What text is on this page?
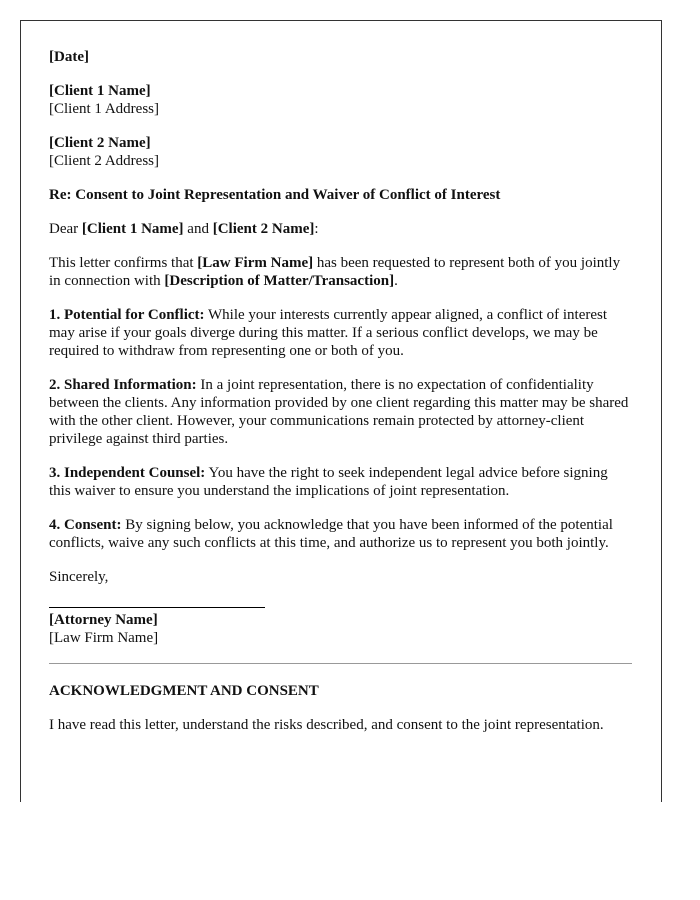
[Date]

[Client 1 Name]
[Client 1 Address]

[Client 2 Name]
[Client 2 Address]

Re: Consent to Joint Representation and Waiver of Conflict of Interest

Dear [Client 1 Name] and [Client 2 Name]:

This letter confirms that [Law Firm Name] has been requested to represent both of you jointly in connection with [Description of Matter/Transaction].

1. Potential for Conflict: While your interests currently appear aligned, a conflict of interest may arise if your goals diverge during this matter. If a serious conflict develops, we may be required to withdraw from representing one or both of you.

2. Shared Information: In a joint representation, there is no expectation of confidentiality between the clients. Any information provided by one client regarding this matter may be shared with the other client. However, your communications remain protected by attorney-client privilege against third parties.

3. Independent Counsel: You have the right to seek independent legal advice before signing this waiver to ensure you understand the implications of joint representation.

4. Consent: By signing below, you acknowledge that you have been informed of the potential conflicts, waive any such conflicts at this time, and authorize us to represent you both jointly.

Sincerely,

[Attorney Name]
[Law Firm Name]
ACKNOWLEDGMENT AND CONSENT

I have read this letter, understand the risks described, and consent to the joint representation.
